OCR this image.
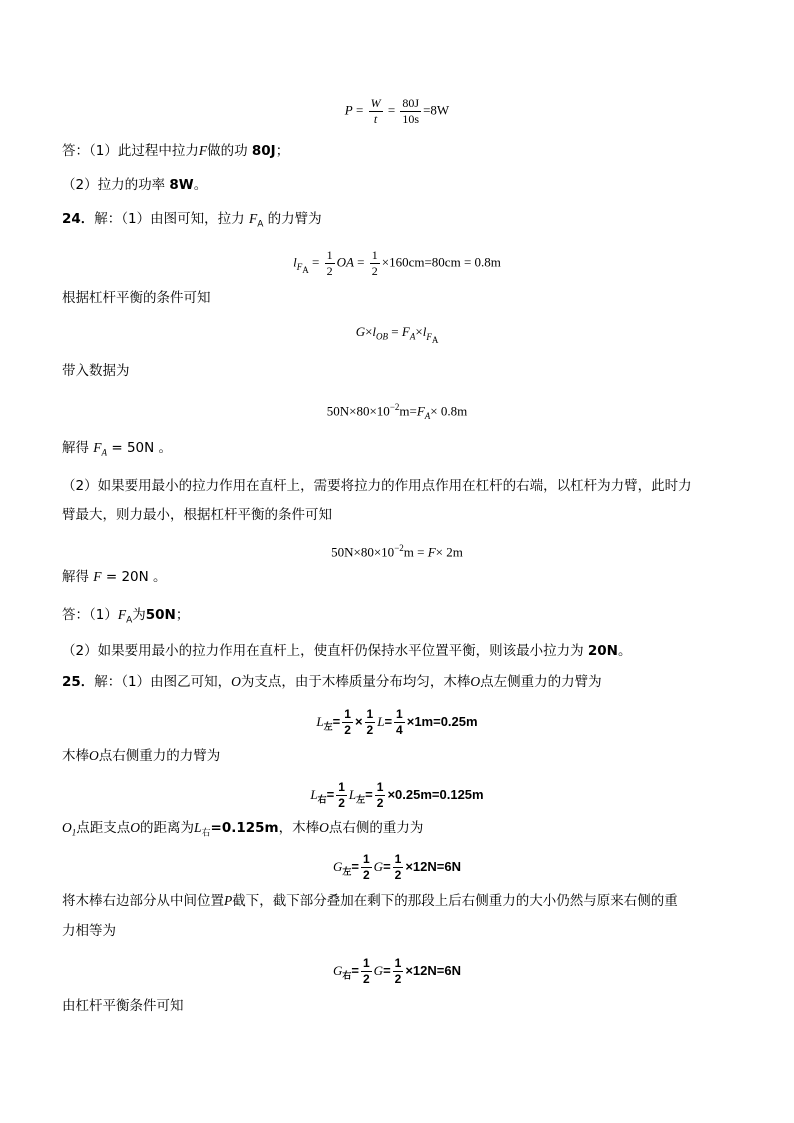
$P = \frac{W}{t} = \frac{80J}{10s} =8W$
答：（1）此过程中拉力F做的功 80J；
（2）拉力的功率 8W。
24．解：（1）由图可知，拉力 $F_A$ 的力臂为
$l_{F_A} = \frac{1}{2}$ OA = $\frac{1}{2} \times 160cm=80cm = 0.8m$
根据杠杆平衡的条件可知
$G\times l_{OB} = F_A\times l_{F_A}$
带入数据为
$50N\times 80\times 10^{-2}m=F_A\times 0.8m$
解得 $F_A = 50N$ 。
（2）如果要用最小的拉力作用在直杆上，需要将拉力的作用点作用在杠杆的右端，以杠杆为力臂，此时力
臂最大，则力最小，根据杠杆平衡的条件可知
$50N\times 80\times 10^{-2}m = F\times 2m$
解得 F = 20N 。
答：$(1)F_A$为50N；
（2）如果要用最小的拉力作用在直杆上，使直杆仍保持水平位置平衡，则该最小拉力为 20N。
25．解：（1）由图乙可知，O为支点，由于木棒质量分布均匀，木棒O点左侧重力的力臂为
$L_左= \frac{1}{2} \times \frac{1}{2} L= \frac{1}{4} \times 1m=0.25m$
木棒O点右侧重力的力臂为
$L_右= \frac{1}{2} L_左= \frac{1}{2} \times 0.25m=0.125m$
$O_1$点距支点O的距离为$L_右=0.125m$，木棒O点右侧的重力为
$G_左= \frac{1}{2} G= \frac{1}{2} \times 12N=6N$
将木棒右边部分从中间位置P截下，截下部分叠加在剩下的那段上后右侧重力的大小仍然与原来右侧的重
力相等为
$G_右= \frac{1}{2} G= \frac{1}{2} \times 12N=6N$
由杠杆平衡条件可知
